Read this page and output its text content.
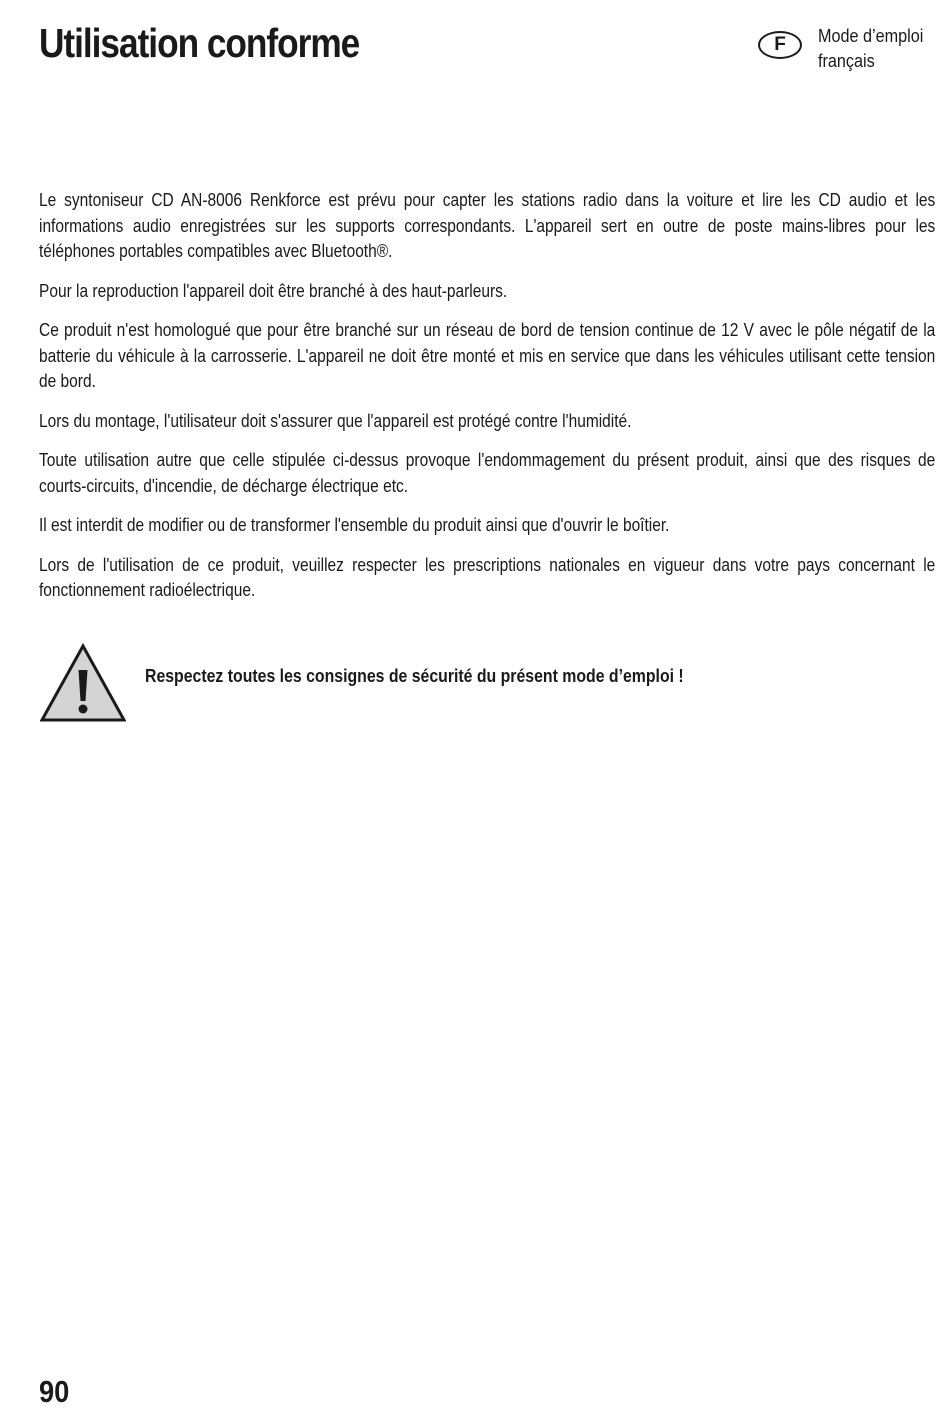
Utilisation conforme	F Mode d’emploi
français

Le syntoniseur CD AN-8006 Renkforce est prévu pour capter les stations radio dans la voiture et lire les CD audio et les informations audio enregistrées sur les supports correspondants. L'appareil sert en outre de poste mains-libres pour les téléphones portables compatibles avec Bluetooth®.

Pour la reproduction l'appareil doit être branché à des haut-parleurs.

Ce produit n'est homologué que pour être branché sur un réseau de bord de tension continue de 12 V avec le pôle négatif de la batterie du véhicule à la carrosserie. L'appareil ne doit être monté et mis en service que dans les véhicules utilisant cette tension de bord.

Lors du montage, l'utilisateur doit s'assurer que l'appareil est protégé contre l'humidité.

Toute utilisation autre que celle stipulée ci-dessus provoque l'endommagement du présent produit, ainsi que des risques de courts-circuits, d'incendie, de décharge électrique etc.

Il est interdit de modifier ou de transformer l'ensemble du produit ainsi que d'ouvrir le boîtier.

Lors de l'utilisation de ce produit, veuillez respecter les prescriptions nationales en vigueur dans votre pays concernant le fonctionnement radioélectrique.

Respectez toutes les consignes de sécurité du présent mode d’emploi !
90
